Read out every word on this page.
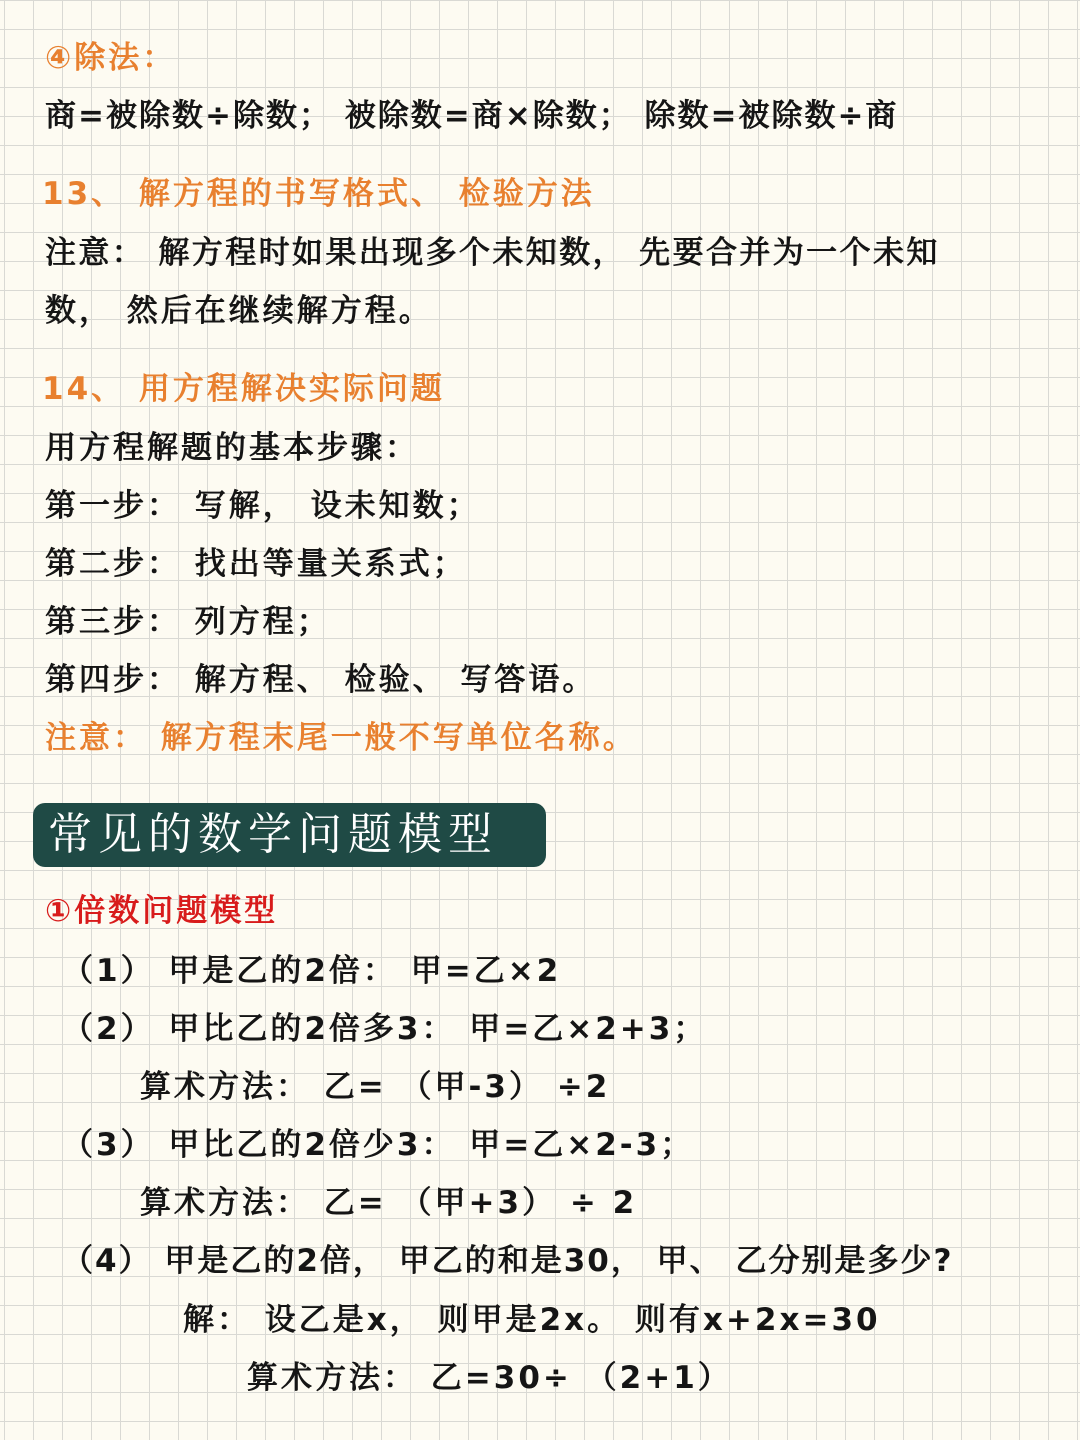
④除法：
商=被除数÷除数； 被除数=商×除数； 除数=被除数÷商
13、 解方程的书写格式、 检验方法
注意： 解方程时如果出现多个未知数， 先要合并为一个未知
数， 然后在继续解方程。
14、 用方程解决实际问题
用方程解题的基本步骤：
第一步： 写解， 设未知数；
第二步： 找出等量关系式；
第三步： 列方程；
第四步： 解方程、 检验、 写答语。
注意： 解方程末尾一般不写单位名称。
常见的数学问题模型
①倍数问题模型
（1） 甲是乙的2倍： 甲=乙×2
（2） 甲比乙的2倍多3： 甲=乙×2+3；
算术方法： 乙= （甲-3） ÷2
（3） 甲比乙的2倍少3： 甲=乙×2-3；
算术方法： 乙= （甲+3） ÷ 2
（4） 甲是乙的2倍， 甲乙的和是30， 甲、 乙分别是多少?
解： 设乙是x， 则甲是2x。 则有x+2x=30
算术方法： 乙=30÷ （2+1）
